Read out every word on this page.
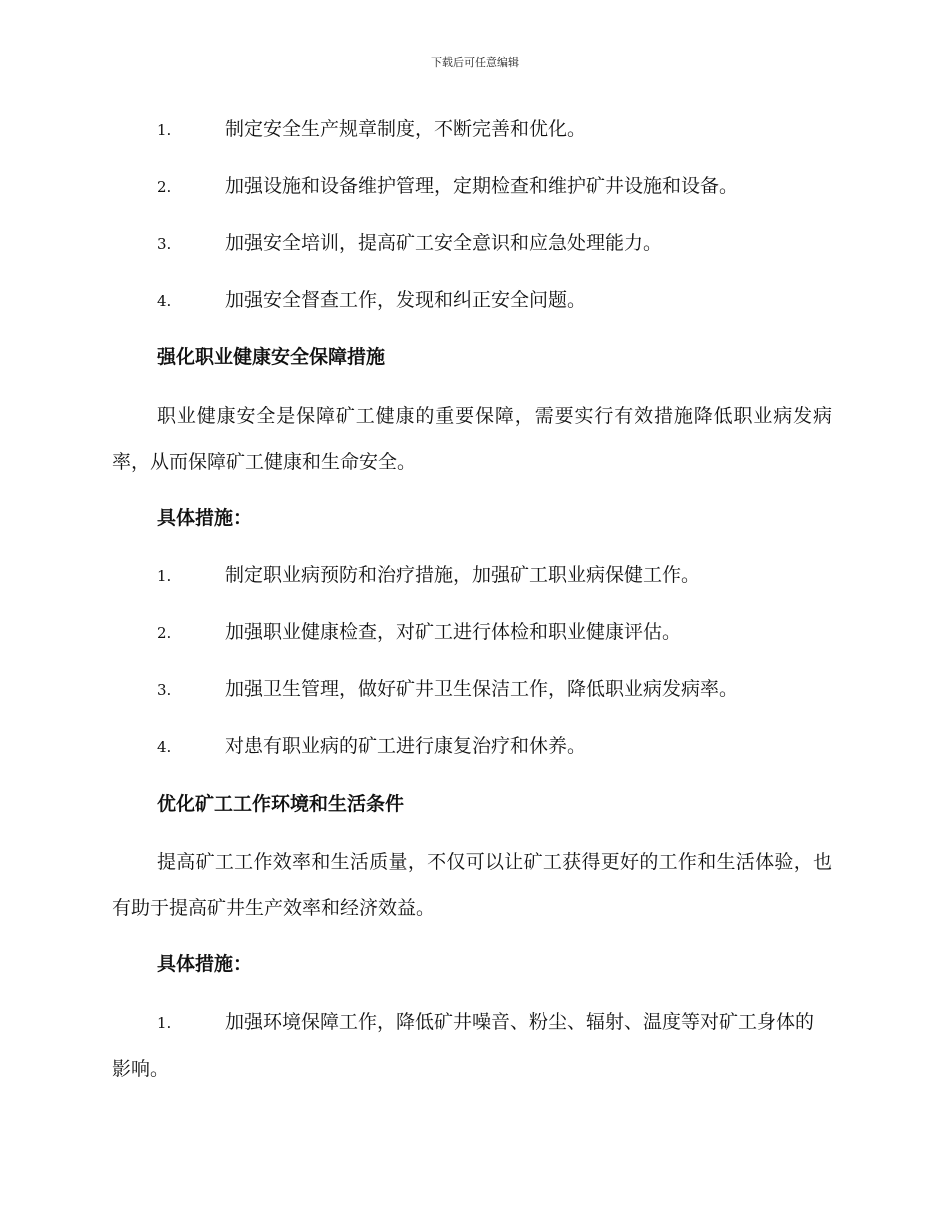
下载后可任意编辑
1.	制定安全生产规章制度，不断完善和优化。
2.	加强设施和设备维护管理，定期检查和维护矿井设施和设备。
3.	加强安全培训，提高矿工安全意识和应急处理能力。
4.	加强安全督查工作，发现和纠正安全问题。
强化职业健康安全保障措施
职业健康安全是保障矿工健康的重要保障，需要实行有效措施降低职业病发病率，从而保障矿工健康和生命安全。
具体措施：
1.	制定职业病预防和治疗措施，加强矿工职业病保健工作。
2.	加强职业健康检查，对矿工进行体检和职业健康评估。
3.	加强卫生管理，做好矿井卫生保洁工作，降低职业病发病率。
4.	对患有职业病的矿工进行康复治疗和休养。
优化矿工工作环境和生活条件
提高矿工工作效率和生活质量，不仅可以让矿工获得更好的工作和生活体验，也有助于提高矿井生产效率和经济效益。
具体措施：
1.	加强环境保障工作，降低矿井噪音、粉尘、辐射、温度等对矿工身体的影响。
